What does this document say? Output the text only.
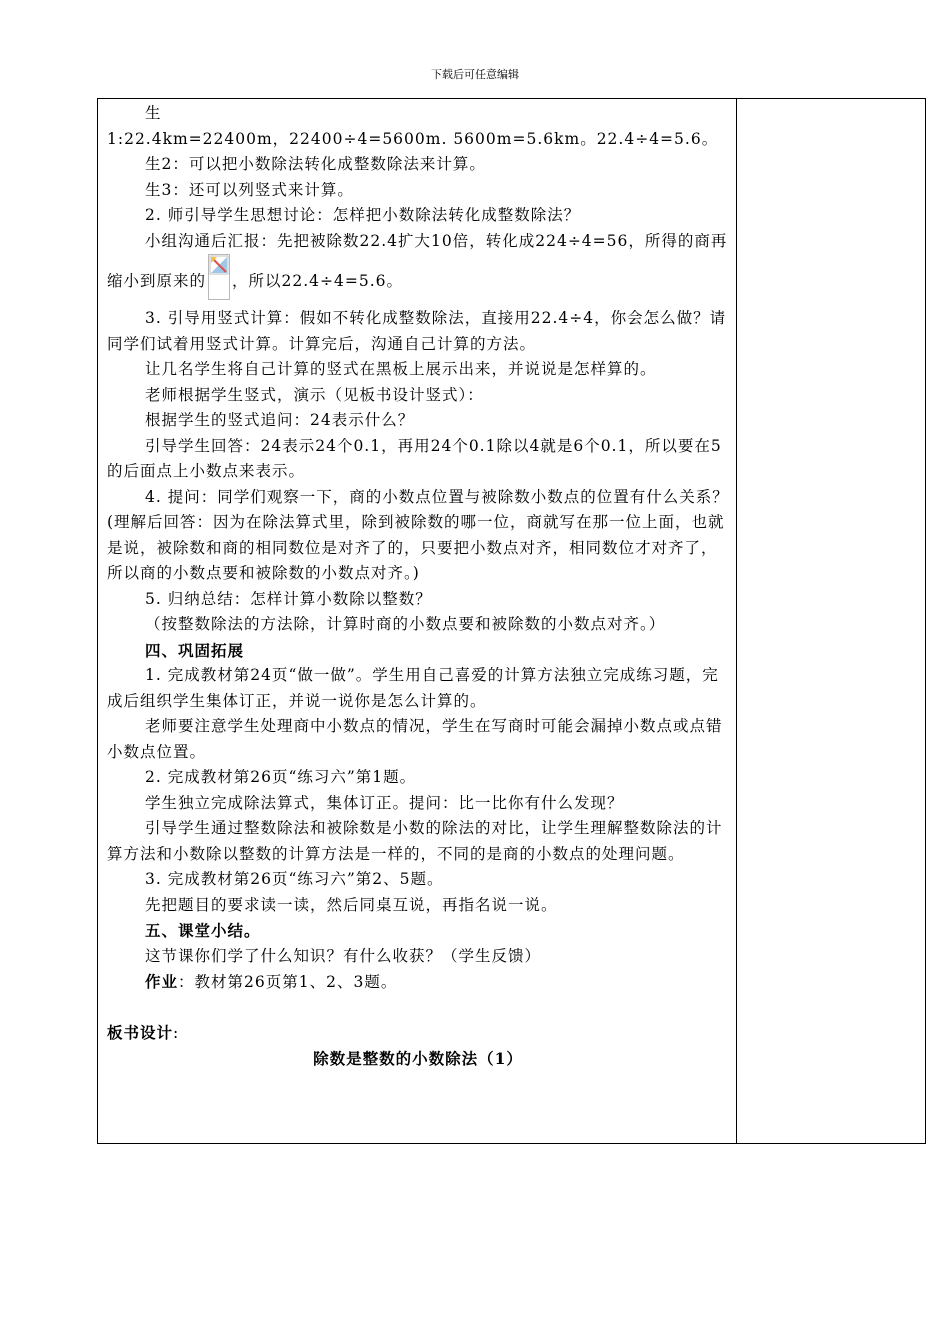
下载后可任意编辑

生

1:22.4km=22400m，22400÷4=5600m. 5600m=5.6km。22.4÷4=5.6。

生2：可以把小数除法转化成整数除法来计算。

生3：还可以列竖式来计算。

2. 师引导学生思想讨论：怎样把小数除法转化成整数除法？

小组沟通后汇报：先把被除数22.4扩大10倍，转化成224÷4=56，所得的商再缩小到原来的 ，所以22.4÷4=5.6。

3. 引导用竖式计算：假如不转化成整数除法，直接用22.4÷4，你会怎么做？请同学们试着用竖式计算。计算完后，沟通自己计算的方法。

让几名学生将自己计算的竖式在黑板上展示出来，并说说是怎样算的。

老师根据学生竖式，演示（见板书设计竖式）：

根据学生的竖式追问：24表示什么？

引导学生回答：24表示24个0.1，再用24个0.1除以4就是6个0.1，所以要在5的后面点上小数点来表示。

4. 提问：同学们观察一下，商的小数点位置与被除数小数点的位置有什么关系？(理解后回答：因为在除法算式里，除到被除数的哪一位，商就写在那一位上面，也就是说，被除数和商的相同数位是对齐了的，只要把小数点对齐，相同数位才对齐了，所以商的小数点要和被除数的小数点对齐。)

5. 归纳总结：怎样计算小数除以整数？

（按整数除法的方法除，计算时商的小数点要和被除数的小数点对齐。）

四、巩固拓展

1. 完成教材第24页“做一做”。学生用自己喜爱的计算方法独立完成练习题，完成后组织学生集体订正，并说一说你是怎么计算的。

老师要注意学生处理商中小数点的情况，学生在写商时可能会漏掉小数点或点错小数点位置。

2. 完成教材第26页“练习六”第1题。

学生独立完成除法算式，集体订正。提问：比一比你有什么发现？

引导学生通过整数除法和被除数是小数的除法的对比，让学生理解整数除法的计算方法和小数除以整数的计算方法是一样的，不同的是商的小数点的处理问题。

3. 完成教材第26页“练习六”第2、5题。

先把题目的要求读一读，然后同桌互说，再指名说一说。

五、课堂小结。

这节课你们学了什么知识？有什么收获？（学生反馈）

作业：教材第26页第1、2、3题。

板书设计:

除数是整数的小数除法（1）
